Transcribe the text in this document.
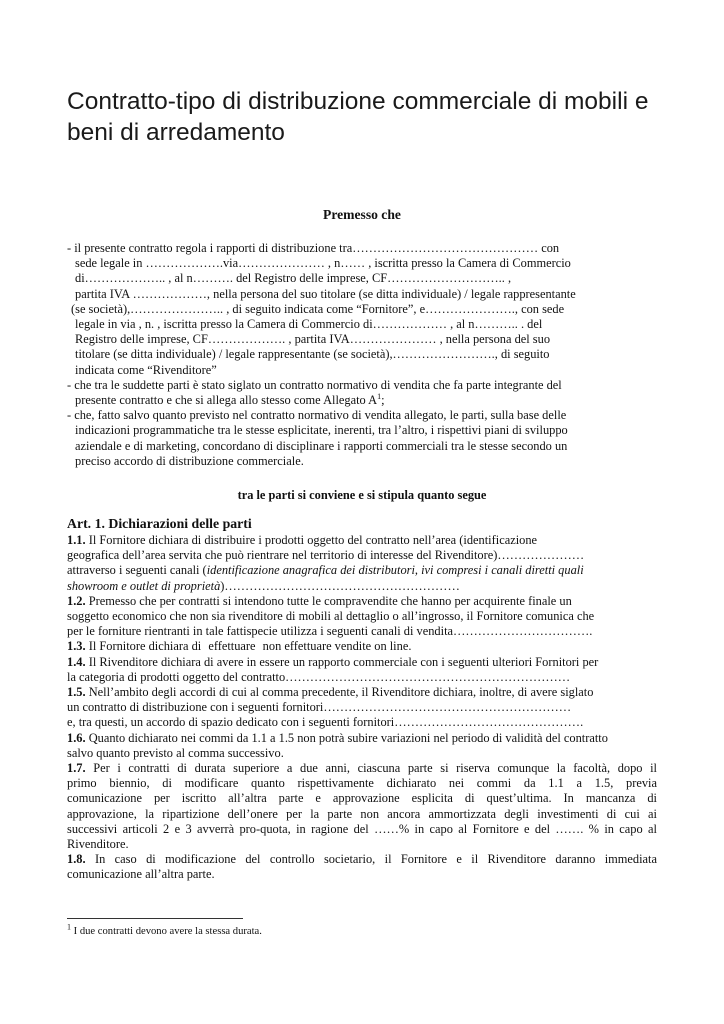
Contratto-tipo di distribuzione commerciale di mobili e beni di arredamento
Premesso che
- il presente contratto regola i rapporti di distribuzione tra……………………………………… con
sede legale in ……………….via………………… , n…… , iscritta presso la Camera di Commercio
di……………….. , al n………. del Registro delle imprese, CF……………………….. ,
partita IVA ………………, nella persona del suo titolare (se ditta individuale) / legale rappresentante
(se società),………………….. , di seguito indicata come “Fornitore”, e…………………., con sede
legale in via , n. , iscritta presso la Camera di Commercio di……………… , al n……….. . del
Registro delle imprese, CF………………. , partita IVA………………… , nella persona del suo
titolare (se ditta individuale) / legale rappresentante (se società),……………………., di seguito
indicata come “Rivenditore”
- che tra le suddette parti è stato siglato un contratto normativo di vendita che fa parte integrante del
presente contratto e che si allega allo stesso come Allegato $A^1$;
- che, fatto salvo quanto previsto nel contratto normativo di vendita allegato, le parti, sulla base delle
indicazioni programmatiche tra le stesse esplicitate, inerenti, tra l’altro, i rispettivi piani di sviluppo
aziendale e di marketing, concordano di disciplinare i rapporti commerciali tra le stesse secondo un
preciso accordo di distribuzione commerciale.

tra le parti si conviene e si stipula quanto segue

Art. 1. Dichiarazioni delle parti
1.1. Il Fornitore dichiara di distribuire i prodotti oggetto del contratto nell’area (identificazione
geografica dell’area servita che può rientrare nel territorio di interesse del Rivenditore)…………………
attraverso i seguenti canali (identificazione anagrafica dei distributori, ivi compresi i canali diretti quali
showroom e outlet di proprietà)…………………………………………………
1.2. Premesso che per contratti si intendono tutte le compravendite che hanno per acquirente finale un
soggetto economico che non sia rivenditore di mobili al dettaglio o all’ingrosso, il Fornitore comunica che
per le forniture rientranti in tale fattispecie utilizza i seguenti canali di vendita…………………………….
1.3. Il Fornitore dichiara di effettuare non effettuare vendite on line.
1.4. Il Rivenditore dichiara di avere in essere un rapporto commerciale con i seguenti ulteriori Fornitori per
la categoria di prodotti oggetto del contratto……………………………………………………………
1.5. Nell’ambito degli accordi di cui al comma precedente, il Rivenditore dichiara, inoltre, di avere siglato
un contratto di distribuzione con i seguenti fornitori……………………………………………………
e, tra questi, un accordo di spazio dedicato con i seguenti fornitori……………………………………….
1.6. Quanto dichiarato nei commi da 1.1 a 1.5 non potrà subire variazioni nel periodo di validità del contratto
salvo quanto previsto al comma successivo.
1.7. Per i contratti di durata superiore a due anni, ciascuna parte si riserva comunque la facoltà, dopo il
primo biennio, di modificare quanto rispettivamente dichiarato nei commi da 1.1 a 1.5, previa
comunicazione per iscritto all’altra parte e approvazione esplicita di quest’ultima. In mancanza di
approvazione, la ripartizione dell’onere per la parte non ancora ammortizzata degli investimenti di cui ai
successivi articoli 2 e 3 avverrà pro-quota, in ragione del ……% in capo al Fornitore e del ……. % in capo al
Rivenditore.
1.8. In caso di modificazione del controllo societario, il Fornitore e il Rivenditore daranno immediata
comunicazione all’altra parte.
$^1$ I due contratti devono avere la stessa durata.
